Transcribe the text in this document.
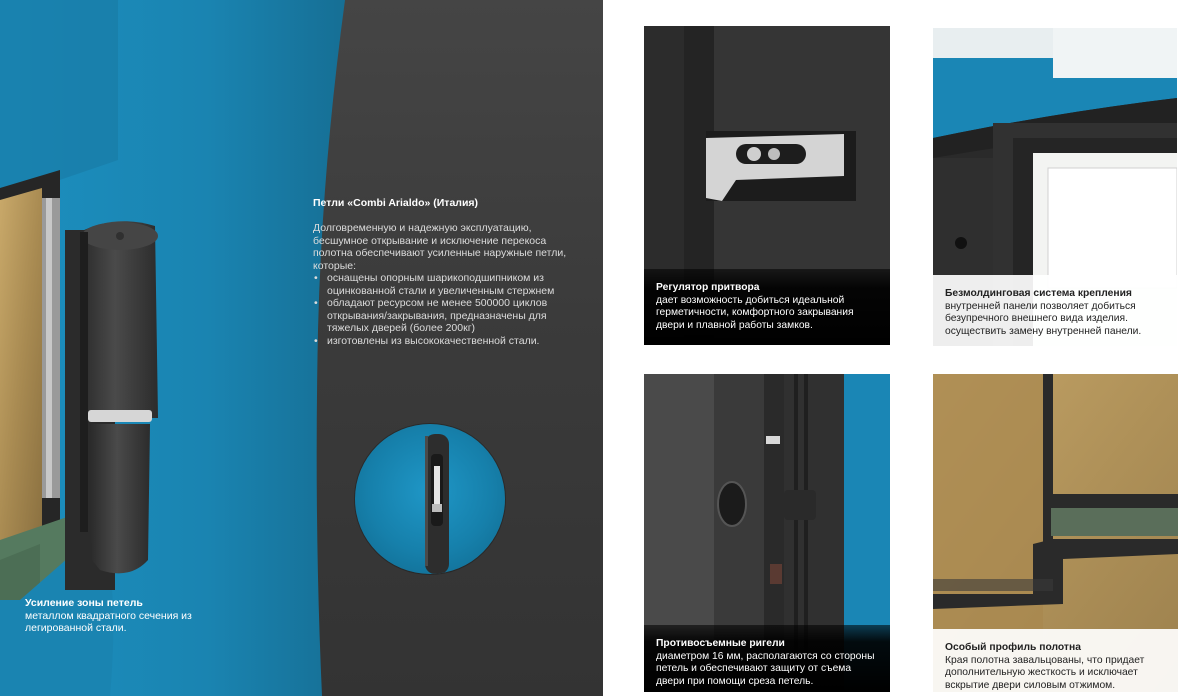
Петли «Combi Arialdo» (Италия)

Долговременную и надежную эксплуатацию, бесшумное открывание и исключение перекоса полотна обеспечивают усиленные наружные петли, которые:

• оснащены опорным шарикоподшипником из оцинкованной стали и увеличенным стержнем
• обладают ресурсом не менее 500000 циклов открывания/закрывания, предназначены для тяжелых дверей (более 200кг)
• изготовлены из высококачественной стали.
Усиление зоны петель
металлом квадратного сечения из легированной стали.
Регулятор притвора
дает возможность добиться идеальной герметичности, комфортного закрывания двери и плавной работы замков.
Безмолдинговая система крепления
внутренней панели позволяет добиться безупречного внешнего вида изделия. осуществить замену внутренней панели.
Противосъемные ригели
диаметром 16 мм, располагаются со стороны петель и обеспечивают защиту от съема двери при помощи среза петель.
Особый профиль полотна
Края полотна завальцованы, что придает дополнительную жесткость и исключает вскрытие двери силовым отжимом.
